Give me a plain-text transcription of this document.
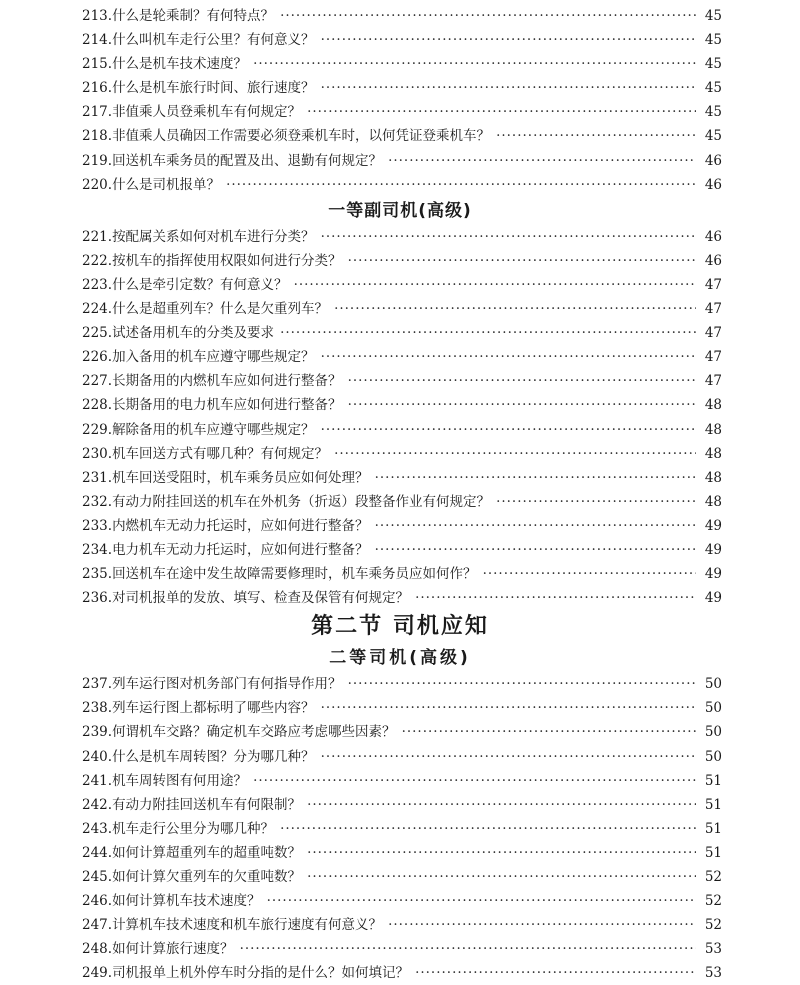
213. 什么是轮乘制？有何特点？ ·····	45
214. 什么叫机车走行公里？有何意义？ ·····	45
215. 什么是机车技术速度？ ·····	45
216. 什么是机车旅行时间、旅行速度？ ·····	45
217. 非值乘人员登乘机车有何规定？ ·····	45
218. 非值乘人员确因工作需要必须登乘机车时，以何凭证登乘机车？ ·····	45
219. 回送机车乘务员的配置及出、退勤有何规定？ ·····	46
220. 什么是司机报单？ ·····	46
一等副司机(高级)
221. 按配属关系如何对机车进行分类？ ·····	46
222. 按机车的指挥使用权限如何进行分类？ ·····	46
223. 什么是牵引定数？有何意义？ ·····	47
224. 什么是超重列车？什么是欠重列车？ ·····	47
225. 试述备用机车的分类及要求 ·····	47
226. 加入备用的机车应遵守哪些规定？ ·····	47
227. 长期备用的内燃机车应如何进行整备？ ·····	47
228. 长期备用的电力机车应如何进行整备？ ·····	48
229. 解除备用的机车应遵守哪些规定？ ·····	48
230. 机车回送方式有哪几种？有何规定？ ·····	48
231. 机车回送受阻时，机车乘务员应如何处理？ ·····	48
232. 有动力附挂回送的机车在外机务（折返）段整备作业有何规定？ ·····	48
233. 内燃机车无动力托运时，应如何进行整备？ ·····	49
234. 电力机车无动力托运时，应如何进行整备？ ·····	49
235. 回送机车在途中发生故障需要修理时，机车乘务员应如何作？ ·····	49
236. 对司机报单的发放、填写、检查及保管有何规定？ ·····	49
第二节 司机应知
二等司机(高级)
237. 列车运行图对机务部门有何指导作用？ ·····	50
238. 列车运行图上都标明了哪些内容？ ·····	50
239. 何谓机车交路？确定机车交路应考虑哪些因素？ ·····	50
240. 什么是机车周转图？分为哪几种？ ·····	50
241. 机车周转图有何用途？ ·····	51
242. 有动力附挂回送机车有何限制？ ·····	51
243. 机车走行公里分为哪几种？ ·····	51
244. 如何计算超重列车的超重吨数？ ·····	51
245. 如何计算欠重列车的欠重吨数？ ·····	52
246. 如何计算机车技术速度？ ·····	52
247. 计算机车技术速度和机车旅行速度有何意义？ ·····	52
248. 如何计算旅行速度？ ·····	53
249. 司机报单上机外停车时分指的是什么？如何填记？ ·····	53
